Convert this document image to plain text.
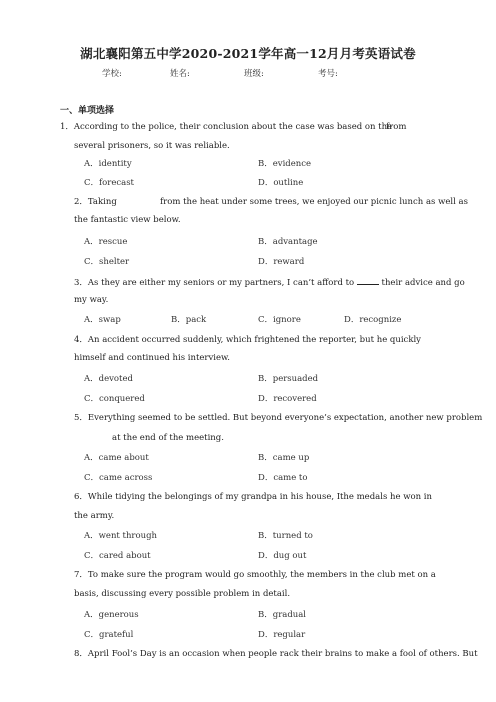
湖北襄阳第五中学2020-2021学年高一12月月考英语试卷
学校:	姓名:	班级:	考号:
一、单项选择
1．According to the police, their conclusion about the case was based on the
from
several prisoners, so it was reliable.
A．identity	B．evidence
C．forecast	D．outline
2．Taking	from the heat under some trees, we enjoyed our picnic lunch as well as
the fantastic view below.
A．rescue	B．advantage
C．shelter	D．reward
3．As they are either my seniors or my partners, I can’t afford to	their advice and go
my way.
A．swap	B．pack	C．ignore	D．recognize
4．An accident occurred suddenly, which frightened the reporter, but he quickly
himself and continued his interview.
A．devoted	B．persuaded
C．conquered	D．recovered
5．Everything seemed to be settled. But beyond everyone’s expectation, another new problem
at the end of the meeting.
A．came about	B．came up
C．came across	D．came to
6．While tidying the belongings of my grandpa in his house, I the medals he won in
the army.
A．went through	B．turned to
C．cared about	D．dug out
7．To make sure the program would go smoothly, the members in the club met on a
basis, discussing every possible problem in detail.
A．generous	B．gradual
C．grateful	D．regular
8．April Fool’s Day is an occasion when people rack their brains to make a fool of others. But
